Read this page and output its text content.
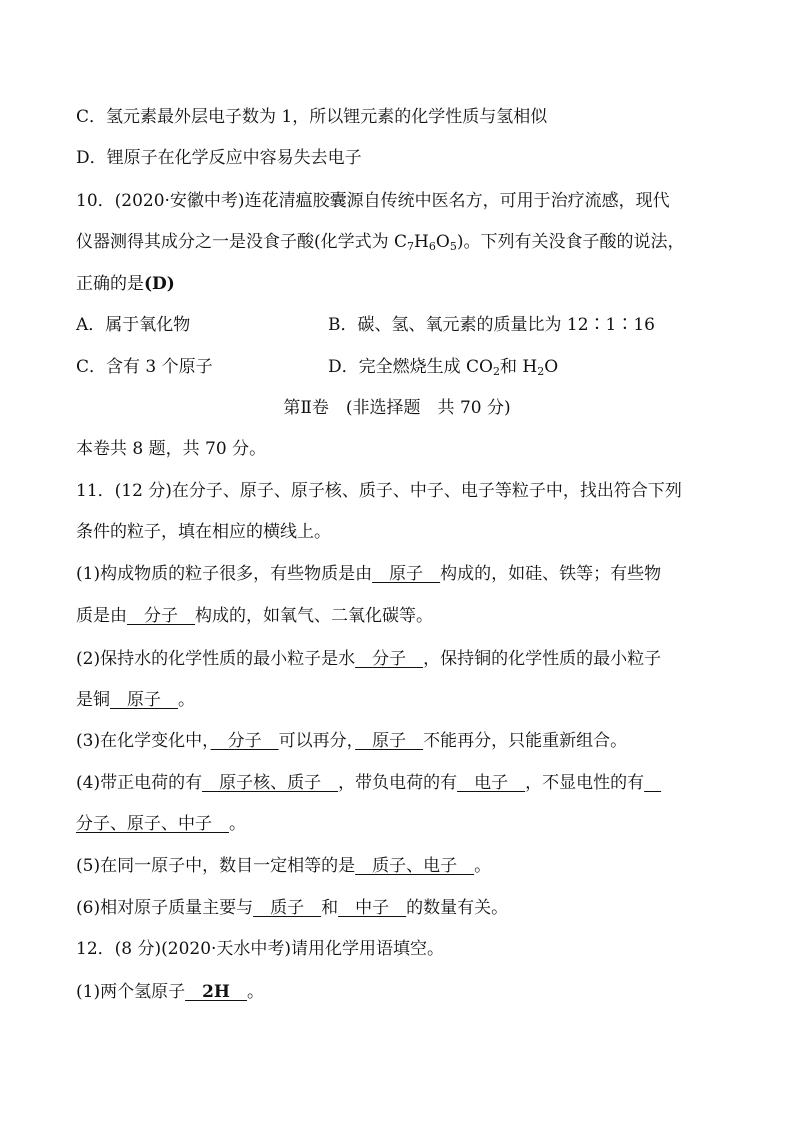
C．氢元素最外层电子数为 1，所以锂元素的化学性质与氢相似
D．锂原子在化学反应中容易失去电子
10．(2020·安徽中考)连花清瘟胶囊源自传统中医名方，可用于治疗流感，现代
仪器测得其成分之一是没食子酸(化学式为 $C_7H_6O_5$)。下列有关没食子酸的说法，
正确的是(D)
A．属于氧化物	B．碳、氢、氧元素的质量比为 12∶1∶16
C．含有 3 个原子	D．完全燃烧生成 $CO_2$和 $H_2O$
第Ⅱ卷　(非选择题　共 70 分)
本卷共 8 题，共 70 分。
11．(12 分)在分子、原子、原子核、质子、中子、电子等粒子中，找出符合下列
条件的粒子，填在相应的横线上。
(1)构成物质的粒子很多，有些物质是由　原子　构成的，如硅、铁等；有些物
质是由　分子　构成的，如氧气、二氧化碳等。
(2)保持水的化学性质的最小粒子是水　分子　，保持铜的化学性质的最小粒子
是铜　原子　。
(3)在化学变化中，　分子　可以再分，　原子　不能再分，只能重新组合。
(4)带正电荷的有　原子核、质子　，带负电荷的有　电子　，不显电性的有　
分子、原子、中子　。
(5)在同一原子中，数目一定相等的是　质子、电子　。
(6)相对原子质量主要与　质子　和　中子　的数量有关。
12．(8 分)(2020·天水中考)请用化学用语填空。
(1)两个氢原子　2H　。
